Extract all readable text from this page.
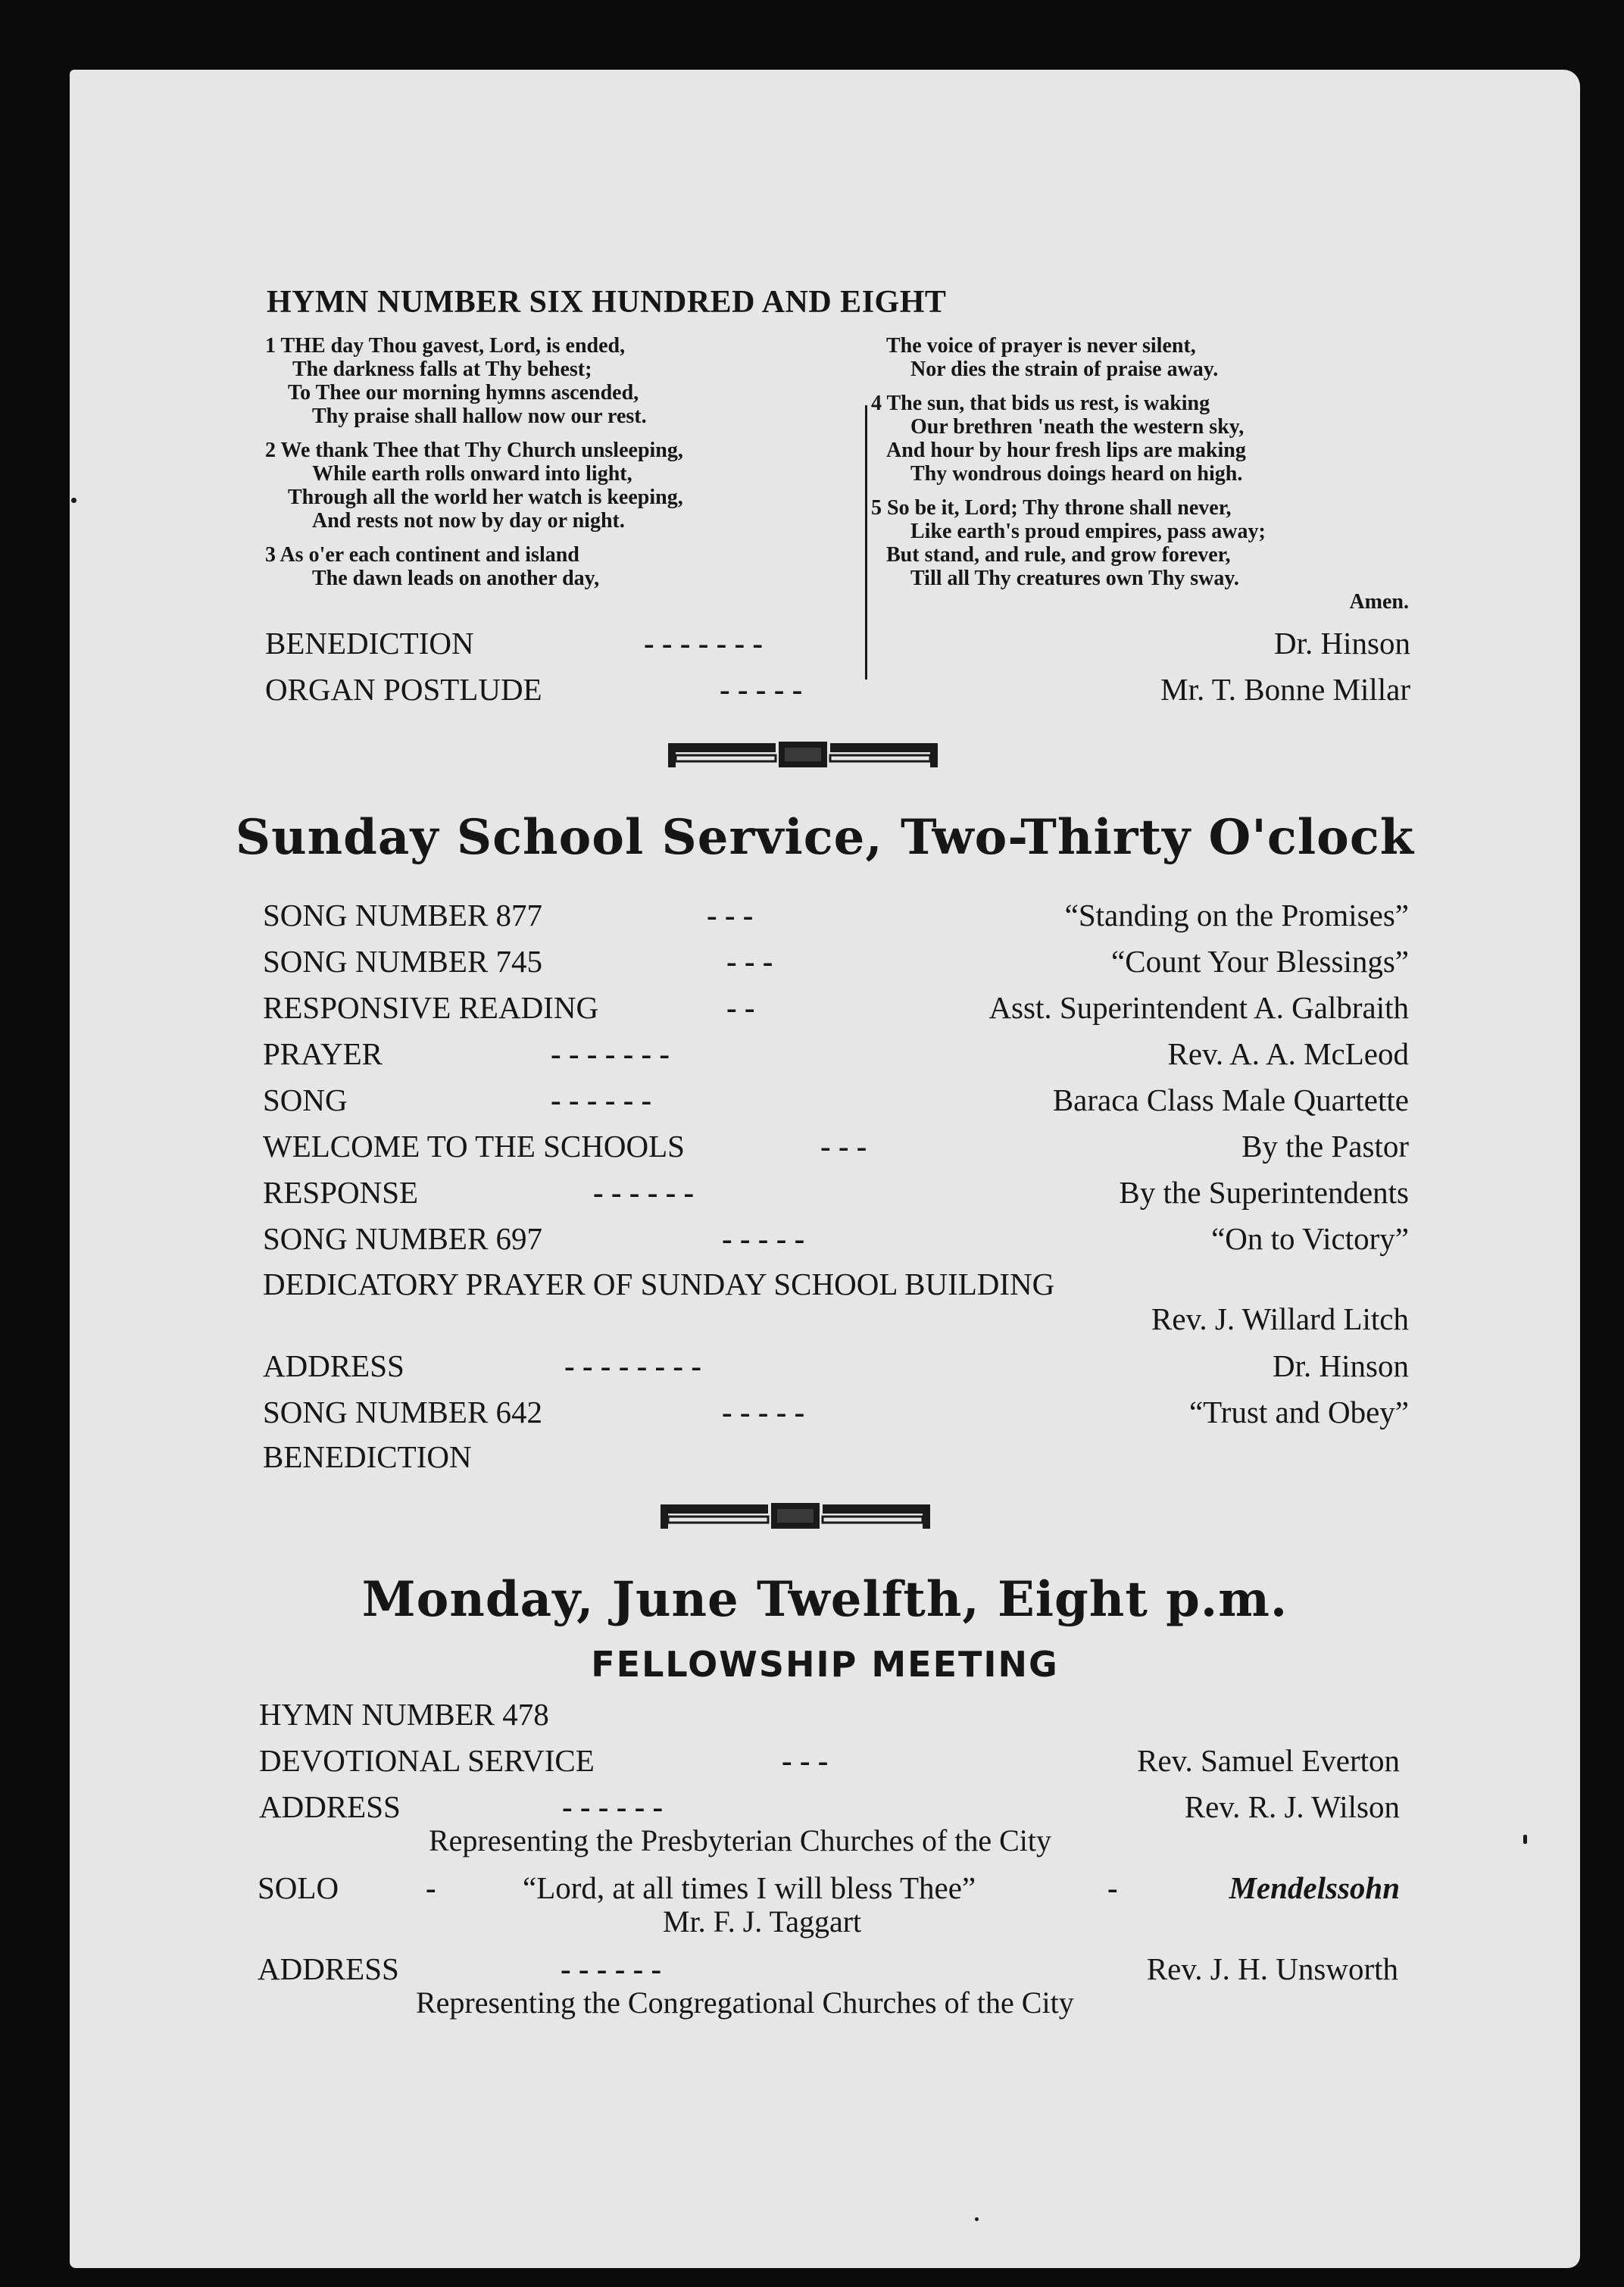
HYMN NUMBER SIX HUNDRED AND EIGHT
1 THE day Thou gavest, Lord, is ended,
The darkness falls at Thy behest;
To Thee our morning hymns ascended,
Thy praise shall hallow now our rest.
2 We thank Thee that Thy Church unsleeping,
While earth rolls onward into light,
Through all the world her watch is keeping,
And rests not now by day or night.
3 As o'er each continent and island
The dawn leads on another day,
The voice of prayer is never silent,
Nor dies the strain of praise away.
4 The sun, that bids us rest, is waking
Our brethren 'neath the western sky,
And hour by hour fresh lips are making
Thy wondrous doings heard on high.
5 So be it, Lord; Thy throne shall never,
Like earth's proud empires, pass away;
But stand, and rule, and grow forever,
Till all Thy creatures own Thy sway.
Amen.
BENEDICTION	- - - - - - -	Dr. Hinson
ORGAN POSTLUDE	- - - - -	Mr. T. Bonne Millar
Sunday School Service, Two-Thirty O'clock
SONG NUMBER 877	- - -	“Standing on the Promises”
SONG NUMBER 745	- - -	“Count Your Blessings”
RESPONSIVE READING	- -	Asst. Superintendent A. Galbraith
PRAYER	- - - - - - -	Rev. A. A. McLeod
SONG	- - - - - -	Baraca Class Male Quartette
WELCOME TO THE SCHOOLS	- - -	By the Pastor
RESPONSE	- - - - - -	By the Superintendents
SONG NUMBER 697	- - - - -	“On to Victory”
DEDICATORY PRAYER OF SUNDAY SCHOOL BUILDING
Rev. J. Willard Litch
ADDRESS	- - - - - - - -	Dr. Hinson
SONG NUMBER 642	- - - - -	“Trust and Obey”
BENEDICTION
Monday, June Twelfth, Eight p.m.
FELLOWSHIP MEETING
HYMN NUMBER 478
DEVOTIONAL SERVICE	- - -	Rev. Samuel Everton
ADDRESS	- - - - - -	Rev. R. J. Wilson
Representing the Presbyterian Churches of the City
SOLO	-	“Lord, at all times I will bless Thee”	-	Mendelssohn
Mr. F. J. Taggart
ADDRESS	- - - - - -	Rev. J. H. Unsworth
Representing the Congregational Churches of the City
